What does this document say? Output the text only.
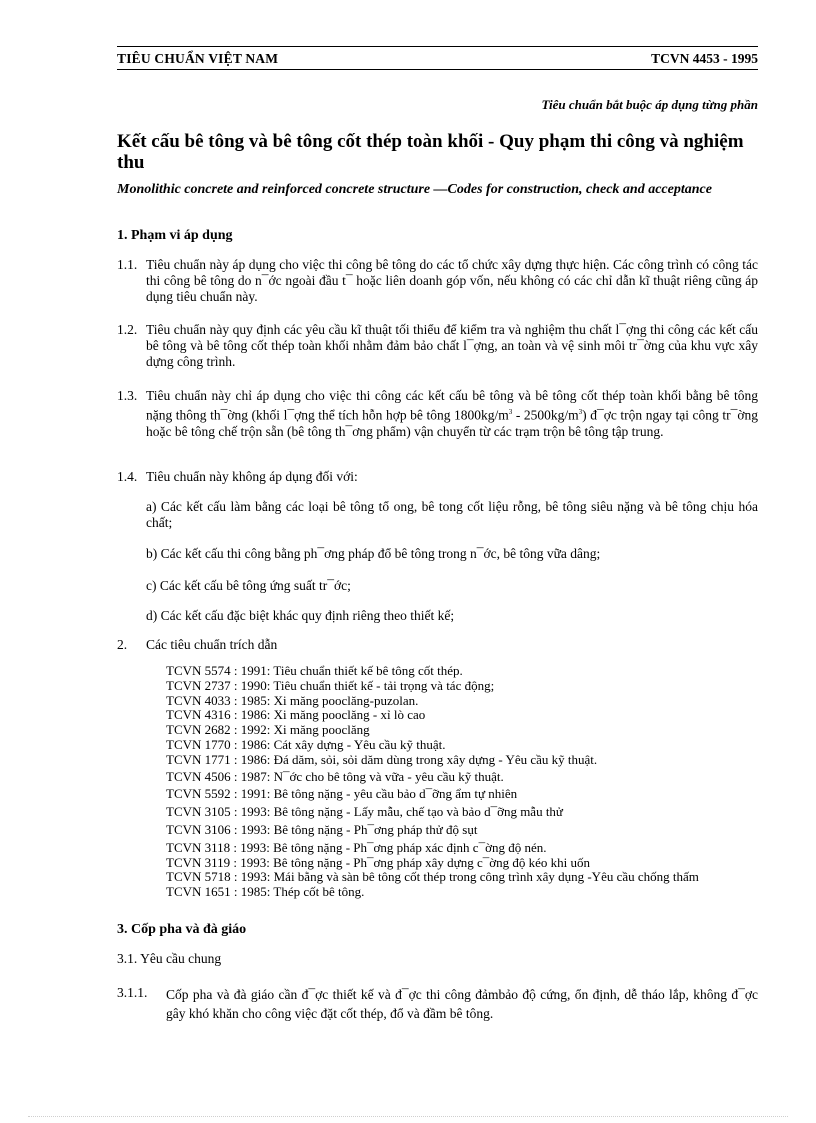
TIÊU CHUẨN VIỆT NAM	TCVN 4453 - 1995
Tiêu chuẩn bắt buộc áp dụng từng phần
Kết cấu bê tông và bê tông cốt thép toàn khối - Quy phạm thi công và nghiệm thu
Monolithic concrete and reinforced concrete structure —Codes for construction, check and acceptance
1. Phạm vi áp dụng
1.1. Tiêu chuẩn này áp dụng cho việc thi công bê tông do các tổ chức xây dựng thực hiện. Các công trình có công tác thi công bê tông do n¯ớc ngoài đầu t¯ hoặc liên doanh góp vốn, nếu không có các chỉ dẫn kĩ thuật riêng cũng áp dụng tiêu chuẩn này.
1.2. Tiêu chuẩn này quy định các yêu cầu kĩ thuật tối thiểu để kiểm tra và nghiệm thu chất l¯ợng thi công các kết cấu bê tông và bê tông cốt thép toàn khối nhằm đảm bảo chất l¯ợng, an toàn và vệ sinh môi tr¯ờng của khu vực xây dựng công trình.
1.3. Tiêu chuẩn này chỉ áp dụng cho việc thi công các kết cấu bê tông và bê tông cốt thép toàn khối bằng bê tông nặng thông th¯ờng (khối l¯ợng thể tích hỗn hợp bê tông $1800kg/m^3 - 2500kg/m^3$) đ¯ợc trộn ngay tại công tr¯ờng hoặc bê tông chế trộn sẵn (bê tông th¯ơng phẩm) vận chuyển từ các trạm trộn bê tông tập trung.
1.4. Tiêu chuẩn này không áp dụng đối với:
a) Các kết cấu làm bằng các loại bê tông tổ ong, bê tong cốt liệu rỗng, bê tông siêu nặng và bê tông chịu hóa chất;
b) Các kết cấu thi công bằng ph¯ơng pháp đổ bê tông trong n¯ớc, bê tông vữa dâng;
c) Các kết cấu bê tông ứng suất tr¯ớc;
d) Các kết cấu đặc biệt khác quy định riêng theo thiết kế;
2. Các tiêu chuẩn trích dẫn
TCVN 5574 : 1991: Tiêu chuẩn thiết kế bê tông cốt thép.
TCVN 2737 : 1990: Tiêu chuẩn thiết kế - tải trọng và tác động;
TCVN 4033 : 1985: Xi măng pooclăng-puzolan.
TCVN 4316 : 1986: Xi măng pooclăng - xỉ lò cao
TCVN 2682 : 1992: Xi măng pooclăng
TCVN 1770 : 1986: Cát xây dựng - Yêu cầu kỹ thuật.
TCVN 1771 : 1986: Đá dăm, sỏi, sỏi dăm dùng trong xây dựng - Yêu cầu kỹ thuật.
TCVN 4506 : 1987: N¯ớc cho bê tông và vữa - yêu cầu kỹ thuật.
TCVN 5592 : 1991: Bê tông nặng - yêu cầu bảo d¯ỡng ẩm tự nhiên
TCVN 3105 : 1993: Bê tông nặng - Lấy mẫu, chế tạo và bảo d¯ỡng mẫu thử
TCVN 3106 : 1993: Bê tông nặng - Ph¯ơng pháp thử độ sụt
TCVN 3118 : 1993: Bê tông nặng - Ph¯ơng pháp xác định c¯ờng độ nén.
TCVN 3119 : 1993: Bê tông nặng - Ph¯ơng pháp xây dựng c¯ờng độ kéo khi uốn
TCVN 5718 : 1993: Mái bằng và sàn bê tông cốt thép trong công trình xây dụng -Yêu cầu chống thấm
TCVN 1651 : 1985: Thép cốt bê tông.
3. Cốp pha và đà giáo
3.1. Yêu cầu chung
3.1.1. Cốp pha và đà giáo cần đ¯ợc thiết kế và đ¯ợc thi công đảmbảo độ cứng, ổn định, dễ tháo lắp, không đ¯ợc gây khó khăn cho công việc đặt cốt thép, đổ và đầm bê tông.
